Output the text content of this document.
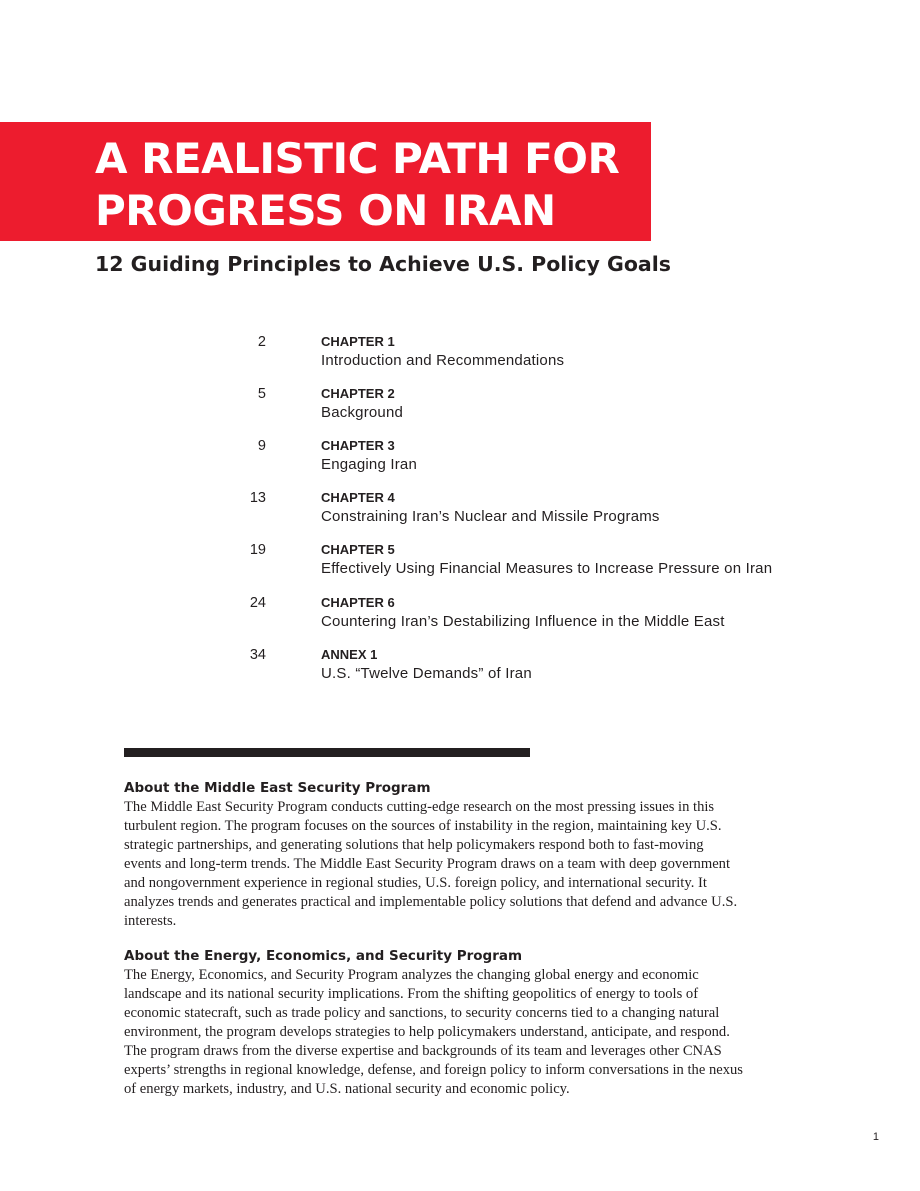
A REALISTIC PATH FOR
PROGRESS ON IRAN
12 Guiding Principles to Achieve U.S. Policy Goals
2	CHAPTER 1
Introduction and Recommendations
5	CHAPTER 2
Background
9	CHAPTER 3
Engaging Iran
13	CHAPTER 4
Constraining Iran’s Nuclear and Missile Programs
19	CHAPTER 5
Effectively Using Financial Measures to Increase Pressure on Iran
24	CHAPTER 6
Countering Iran’s Destabilizing Influence in the Middle East
34	ANNEX 1
U.S. “Twelve Demands” of Iran
About the Middle East Security Program

The Middle East Security Program conducts cutting-edge research on the most pressing issues in this
turbulent region. The program focuses on the sources of instability in the region, maintaining key U.S.
strategic partnerships, and generating solutions that help policymakers respond both to fast-moving
events and long-term trends. The Middle East Security Program draws on a team with deep government
and nongovernment experience in regional studies, U.S. foreign policy, and international security. It
analyzes trends and generates practical and implementable policy solutions that defend and advance U.S.
interests.

About the Energy, Economics, and Security Program

The Energy, Economics, and Security Program analyzes the changing global energy and economic
landscape and its national security implications. From the shifting geopolitics of energy to tools of
economic statecraft, such as trade policy and sanctions, to security concerns tied to a changing natural
environment, the program develops strategies to help policymakers understand, anticipate, and respond.
The program draws from the diverse expertise and backgrounds of its team and leverages other CNAS
experts’ strengths in regional knowledge, defense, and foreign policy to inform conversations in the nexus
of energy markets, industry, and U.S. national security and economic policy.

1
